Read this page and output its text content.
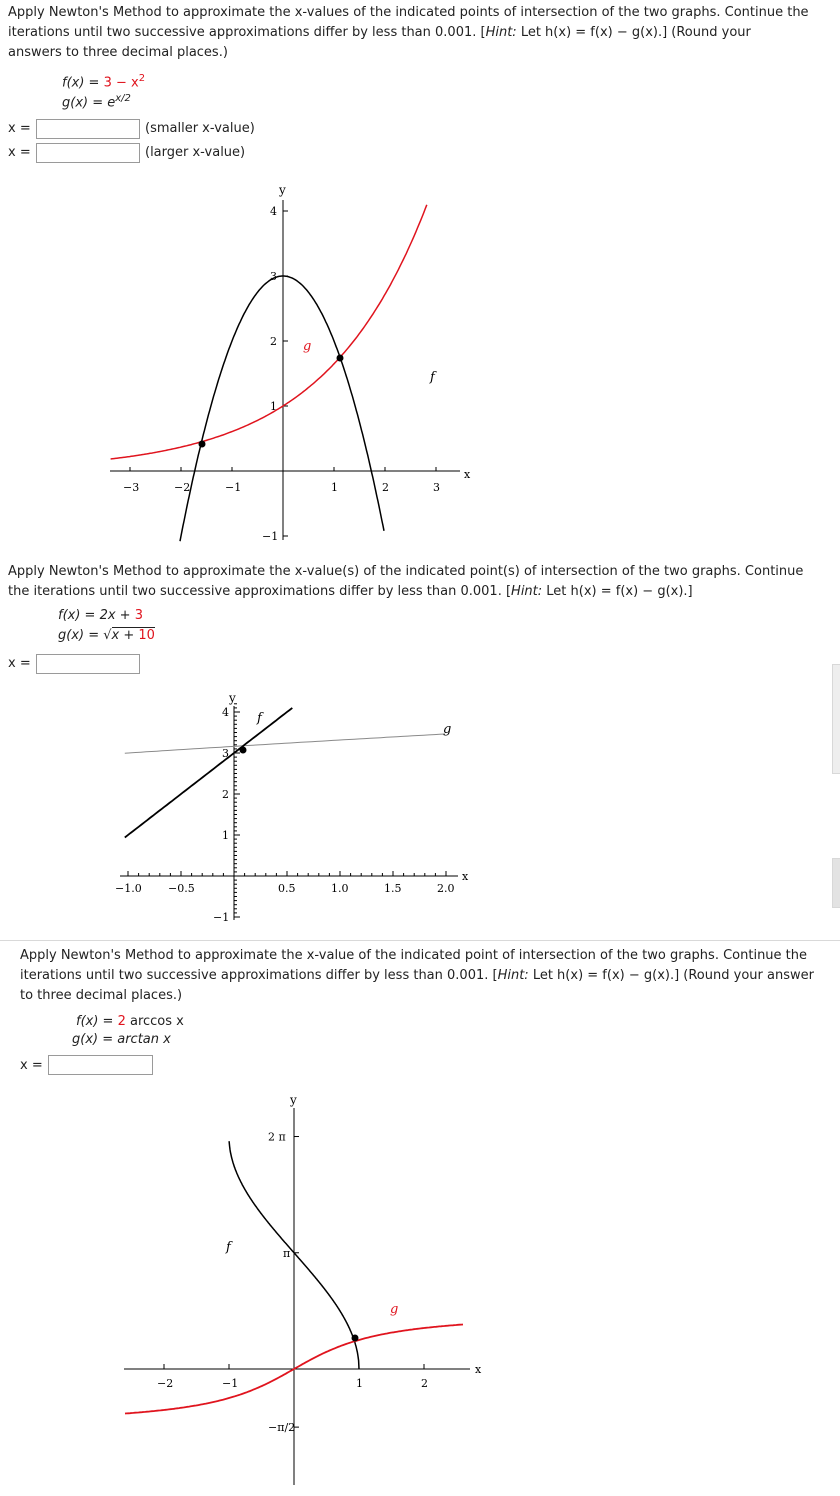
Apply Newton's Method to approximate the x-values of the indicated points of intersection of the two graphs. Continue the
iterations until two successive approximations differ by less than 0.001. [Hint: Let h(x) = f(x) − g(x).] (Round your
answers to three decimal places.)
$f(x) = 3 - x^2$
$g(x) = e^{x/2}$
x =	(smaller x-value)
x =	(larger x-value)
−3	−2	−1	1	2	3
−1
1
2
3
4
x
y
g
f
−1.0 −0.5	0.5	1.0	1.5	2.0
−1
1
2
3
4
x
y
f
g
−2	−1	1	2
2 π
π
−π/2
x
y
f
g
Apply Newton's Method to approximate the x-value(s) of the indicated point(s) of intersection of the two graphs. Continue
the iterations until two successive approximations differ by less than 0.001. [Hint: Let h(x) = f(x) − g(x).]
f(x) = 2x + 3
g(x) = √x + 10
x =
Apply Newton's Method to approximate the x-value of the indicated point of intersection of the two graphs. Continue the
iterations until two successive approximations differ by less than 0.001. [Hint: Let h(x) = f(x) − g(x).] (Round your answer
to three decimal places.)
f(x) = 2 arccos x
g(x) = arctan x
x =
